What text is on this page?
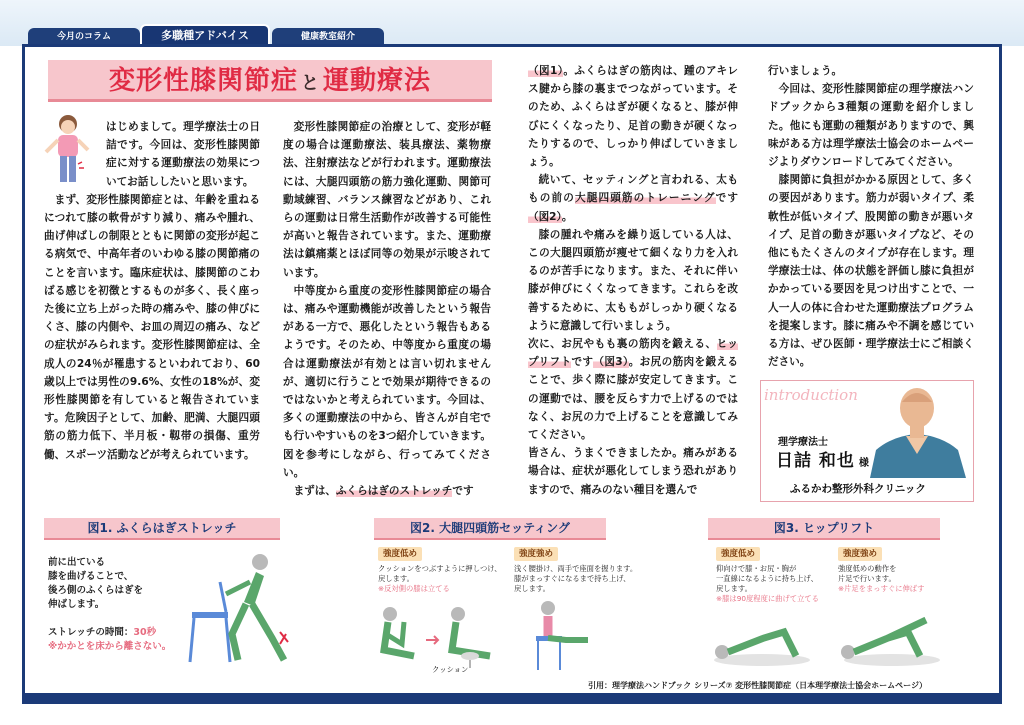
今月のコラム	多職種アドバイス	健康教室紹介
変形性膝関節症 と 運動療法

はじめまして。理学療法士の日詰です。今回は、変形性膝関節症に対する運動療法の効果についてお話ししたいと思います。

まず、変形性膝関節症とは、年齢を重ねるにつれて膝の軟骨がすり減り、痛みや腫れ、曲げ伸ばしの制限とともに関節の変形が起こる病気で、中高年者のいわゆる膝の関節痛のことを言います。臨床症状は、膝関節のこわばる感じを初徴とするものが多く、長く座った後に立ち上がった時の痛みや、膝の伸びにくさ、膝の内側や、お皿の周辺の痛み、などの症状がみられます。変形性膝関節症は、全成人の24％が罹患するといわれており、60歳以上では男性の9.6%、女性の18%が、変形性膝関節を有していると報告されています。危険因子として、加齢、肥満、大腿四頭筋の筋力低下、半月板・靱帯の損傷、重労働、スポーツ活動などが考えられています。

変形性膝関節症の治療として、変形が軽度の場合は運動療法、装具療法、薬物療法、注射療法などが行われます。運動療法には、大腿四頭筋の筋力強化運動、関節可動域練習、バランス練習などがあり、これらの運動は日常生活動作が改善する可能性が高いと報告されています。また、運動療法は鎮痛薬とほぼ同等の効果が示唆されています。

中等度から重度の変形性膝関節症の場合は、痛みや運動機能が改善したという報告がある一方で、悪化したという報告もあるようです。そのため、中等度から重度の場合は運動療法が有効とは言い切れませんが、適切に行うことで効果が期待できるのではないかと考えられています。今回は、多くの運動療法の中から、皆さんが自宅でも行いやすいものを3つ紹介していきます。図を参考にしながら、行ってみてください。

まずは、ふくらはぎのストレッチです

（図1）。ふくらはぎの筋肉は、踵のアキレス腱から膝の裏までつながっています。そのため、ふくらはぎが硬くなると、膝が伸びにくくなったり、足首の動きが硬くなったりするので、しっかり伸ばしていきましょう。

続いて、セッティングと言われる、太ももの前の大腿四頭筋のトレーニングです（図2）。

膝の腫れや痛みを繰り返している人は、この大腿四頭筋が痩せて細くなり力を入れるのが苦手になります。また、それに伴い膝が伸びにくくなってきます。これらを改善するために、太ももがしっかり硬くなるように意識して行いましょう。

次に、お尻やもも裏の筋肉を鍛える、ヒップリフトです（図3）。お尻の筋肉を鍛えることで、歩く際に膝が安定してきます。この運動では、腰を反らす力で上げるのではなく、お尻の力で上げることを意識してみてください。

皆さん、うまくできましたか。痛みがある場合は、症状が悪化してしまう恐れがありますので、痛みのない種目を選んで

行いましょう。

今回は、変形性膝関節症の理学療法ハンドブックから3種類の運動を紹介しました。他にも運動の種類がありますので、興味がある方は理学療法士協会のホームページよりダウンロードしてみてください。

膝関節に負担がかかる原因として、多くの要因があります。筋力が弱いタイプ、柔軟性が低いタイプ、股関節の動きが悪いタイプ、足首の動きが悪いタイプなど、その他にもたくさんのタイプが存在します。理学療法士は、体の状態を評価し膝に負担がかかっている要因を見つけ出すことで、一人一人の体に合わせた運動療法プログラムを提案します。膝に痛みや不調を感じている方は、ぜひ医師・理学療法士にご相談ください。

introduction
理学療法士
日詰 和也 様
ふるかわ整形外科クリニック
図1. ふくらはぎストレッチ
前に出ている
膝を曲げることで、
後ろ側のふくらはぎを
伸ばします。
ストレッチの時間：30秒
※かかとを床から離さない。
図2. 大腿四頭筋セッティング
強度低め
クッションをつぶすように押しつけ、
戻します。
※反対側の膝は立てる
強度強め
浅く腰掛け、両手で座面を握ります。
膝がまっすぐになるまで持ち上げ、
戻します。
クッション
図3. ヒップリフト
強度低め
仰向けで膝・お尻・胸が
一直線になるように持ち上げ、
戻します。
※膝は90度程度に曲げて立てる
強度強め
強度低めの動作を
片足で行います。
※片足をまっすぐに伸ばす
引用：理学療法ハンドブック シリーズ⑦ 変形性膝関節症（日本理学療法士協会ホームページ）
